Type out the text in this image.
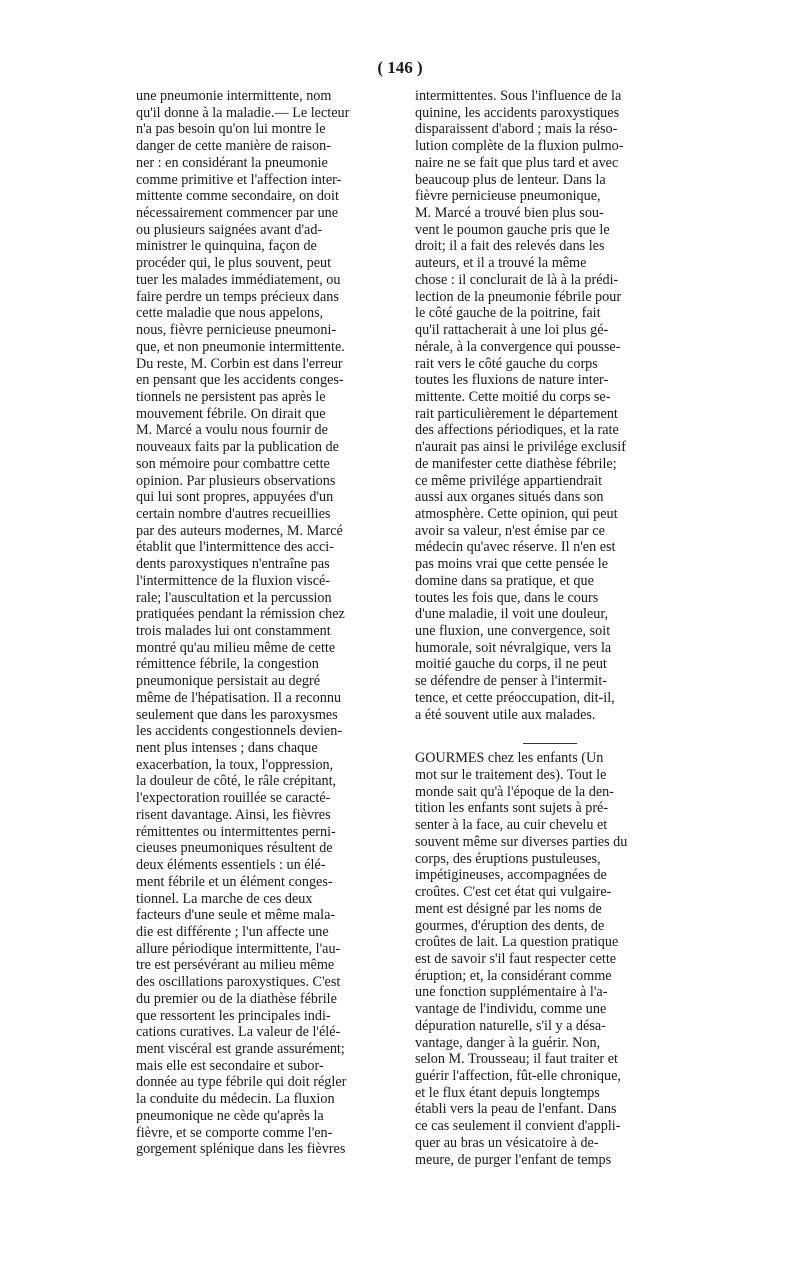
( 146 )
une pneumonie intermittente, nom
qu'il donne à la maladie.— Le lecteur
n'a pas besoin qu'on lui montre le
danger de cette manière de raison-
ner : en considérant la pneumonie
comme primitive et l'affection inter-
mittente comme secondaire, on doit
nécessairement commencer par une
ou plusieurs saignées avant d'ad-
ministrer le quinquina, façon de
procéder qui, le plus souvent, peut
tuer les malades immédiatement, ou
faire perdre un temps précieux dans
cette maladie que nous appelons,
nous, fièvre pernicieuse pneumoni-
que, et non pneumonie intermittente.
Du reste, M. Corbin est dans l'erreur
en pensant que les accidents conges-
tionnels ne persistent pas après le
mouvement fébrile. On dirait que
M. Marcé a voulu nous fournir de
nouveaux faits par la publication de
son mémoire pour combattre cette
opinion. Par plusieurs observations
qui lui sont propres, appuyées d'un
certain nombre d'autres recueillies
par des auteurs modernes, M. Marcé
établit que l'intermittence des acci-
dents paroxystiques n'entraîne pas
l'intermittence de la fluxion viscé-
rale; l'auscultation et la percussion
pratiquées pendant la rémission chez
trois malades lui ont constamment
montré qu'au milieu même de cette
rémittence fébrile, la congestion
pneumonique persistait au degré
même de l'hépatisation. Il a reconnu
seulement que dans les paroxysmes
les accidents congestionnels devien-
nent plus intenses ; dans chaque
exacerbation, la toux, l'oppression,
la douleur de côté, le râle crépitant,
l'expectoration rouillée se caracté-
risent davantage. Ainsi, les fièvres
rémittentes ou intermittentes perni-
cieuses pneumoniques résultent de
deux éléments essentiels : un élé-
ment fébrile et un élément conges-
tionnel. La marche de ces deux
facteurs d'une seule et même mala-
die est différente ; l'un affecte une
allure périodique intermittente, l'au-
tre est persévérant au milieu même
des oscillations paroxystiques. C'est
du premier ou de la diathèse fébrile
que ressortent les principales indi-
cations curatives. La valeur de l'élé-
ment viscéral est grande assurément;
mais elle est secondaire et subor-
donnée au type fébrile qui doit régler
la conduite du médecin. La fluxion
pneumonique ne cède qu'après la
fièvre, et se comporte comme l'en-
gorgement splénique dans les fièvres
intermittentes. Sous l'influence de la
quinine, les accidents paroxystiques
disparaissent d'abord ; mais la réso-
lution complète de la fluxion pulmo-
naire ne se fait que plus tard et avec
beaucoup plus de lenteur. Dans la
fièvre pernicieuse pneumonique,
M. Marcé a trouvé bien plus sou-
vent le poumon gauche pris que le
droit; il a fait des relevés dans les
auteurs, et il a trouvé la même
chose : il conclurait de là à la prédi-
lection de la pneumonie fébrile pour
le côté gauche de la poitrine, fait
qu'il rattacherait à une loi plus gé-
nérale, à la convergence qui pousse-
rait vers le côté gauche du corps
toutes les fluxions de nature inter-
mittente. Cette moitié du corps se-
rait particulièrement le département
des affections périodiques, et la rate
n'aurait pas ainsi le privilége exclusif
de manifester cette diathèse fébrile;
ce même privilége appartiendrait
aussi aux organes situés dans son
atmosphère. Cette opinion, qui peut
avoir sa valeur, n'est émise par ce
médecin qu'avec réserve. Il n'en est
pas moins vrai que cette pensée le
domine dans sa pratique, et que
toutes les fois que, dans le cours
d'une maladie, il voit une douleur,
une fluxion, une convergence, soit
humorale, soit névralgique, vers la
moitié gauche du corps, il ne peut
se défendre de penser à l'intermit-
tence, et cette préoccupation, dit-il,
a été souvent utile aux malades.
GOURMES chez les enfants (Un
mot sur le traitement des). Tout le
monde sait qu'à l'époque de la den-
tition les enfants sont sujets à pré-
senter à la face, au cuir chevelu et
souvent même sur diverses parties du
corps, des éruptions pustuleuses,
impétigineuses, accompagnées de
croûtes. C'est cet état qui vulgaire-
ment est désigné par les noms de
gourmes, d'éruption des dents, de
croûtes de lait. La question pratique
est de savoir s'il faut respecter cette
éruption; et, la considérant comme
une fonction supplémentaire à l'a-
vantage de l'individu, comme une
dépuration naturelle, s'il y a désa-
vantage, danger à la guérir. Non,
selon M. Trousseau; il faut traiter et
guérir l'affection, fût-elle chronique,
et le flux étant depuis longtemps
établi vers la peau de l'enfant. Dans
ce cas seulement il convient d'appli-
quer au bras un vésicatoire à de-
meure, de purger l'enfant de temps
